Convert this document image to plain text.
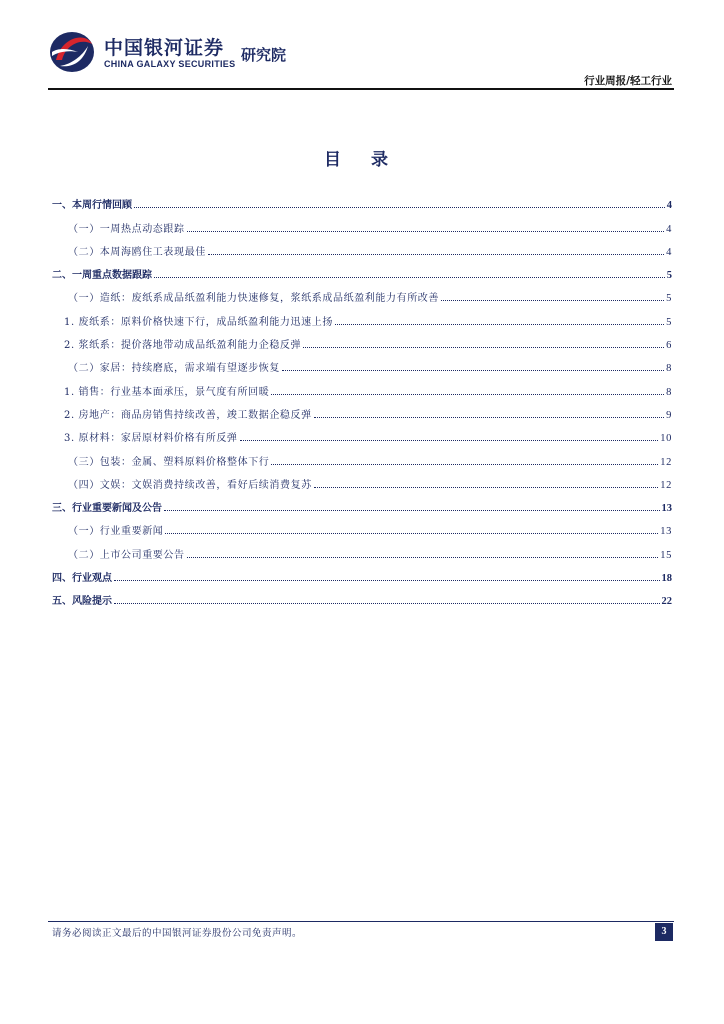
中国银河证券
CHINA GALAXY SECURITIES 研究院
行业周报/轻工行业
目 录
一、本周行情回顾	4
（一）一周热点动态跟踪	4
（二）本周海鸥住工表现最佳	4
二、一周重点数据跟踪	5
（一）造纸：废纸系成品纸盈利能力快速修复，浆纸系成品纸盈利能力有所改善	5
1. 废纸系：原料价格快速下行，成品纸盈利能力迅速上扬	5
2. 浆纸系：提价落地带动成品纸盈利能力企稳反弹	6
（二）家居：持续磨底，需求端有望逐步恢复	8
1. 销售：行业基本面承压，景气度有所回暖	8
2. 房地产：商品房销售持续改善，竣工数据企稳反弹	9
3. 原材料：家居原材料价格有所反弹	10
（三）包装：金属、塑料原料价格整体下行	12
（四）文娱：文娱消费持续改善，看好后续消费复苏	12
三、行业重要新闻及公告	13
（一）行业重要新闻	13
（二）上市公司重要公告	15
四、行业观点	18
五、风险提示	22
请务必阅读正文最后的中国银河证券股份公司免责声明。	3
